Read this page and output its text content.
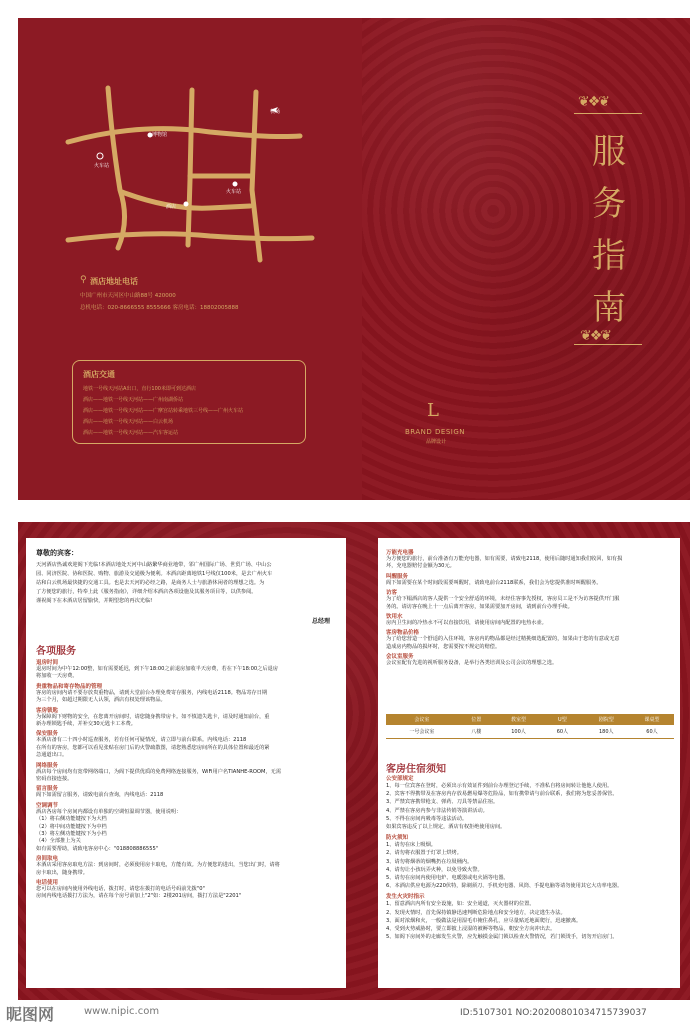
博物馆
机场
火车站
酒店
火车站
⚲ 酒店地址电话
中国广州市天河区中山路88号 420000
总机电话：020-8666555 8555666 客房电话：18802005888
酒店交通
地铁一号线天河站A出口，直行100米即可到达酒店
酒店——地铁一号线天河站——广州南湖侨站
酒店——地铁一号线天河站——广摩宫站转乘地铁三号线——广州火车站
酒店——地铁一号线天河站——白云机场
酒店——地铁一号线天河站——汽车客运站
❦❖❦
服
务
指
南
❦❖❦
L
BRAND DESIGN
品牌设计
尊敬的宾客：
天河酒店热诚欢迎阁下光临!本酒店地处天河中山路繁华商业地带，邻广州国际广场、世贸广场、中山公
园、同济医院、协和医院、购物、旅游及交通极为便利。本酒店距离地铁1号线仅100米，是去广州火车
站和白云机场最快捷的交通工具。也是去天河的必经之路，是商务人士与旅游休闲者的理想之选。为
了方便您的旅行，特奉上此《服务指南》，详细介绍本酒店各项设施及其服务项目等，以供参阅。
谨祝阁下在本酒店居留愉快，并期望您的再次光临!
总经理
各项服务
退房时间
退房时间为中午12:00整，如有需要延迟，到下午18:00之前退房加收半天房费，若在下午18:00之后退房
将加收一天房费。
贵重物品和寄存物品的管理
客房的房间内请不要存放贵重物品，请到大堂前台办理免费寄存服务，内线电话2118。物品寄存日期
为三个月，如超过期限无人认领，酒店有权处理该物品。
客房锁匙
为保障阁下财物的安全，在您离开房间时，请您随身携带房卡。如不慎遗失匙卡，请及时通知前台，重
新办理锁匙手续，并补交30元匙卡工本费。
保安服务
本酒店备有二十四小时巡查服务，若有任何可疑情况，请立即与前台联系。内线电话：2118
在所有的客房，您都可以看见张贴在房门后的火警疏散图，请您熟悉您房间所在的具体位置和最近的紧
急通道出口。
网络服务
酒店每个房间均有宽带网络端口，为阁下提供优质的免费网络连接服务，WiFi用户名TIANHE-ROOM，无需
密码直接连接。
留言服务
阁下如需留言服务，请致电前台查询，内线电话：2118
空调调节
酒店各房每个房间内都设有单独的空调恒温调节器，使用说明：
（1）将右侧功能键按下为大档
（2）将中间功能键按下为中档
（3）将左侧功能键按下为小档
（4）全部推上为关
如有需要帮助，请致电客房中心："018808886555"
房间取电
本酒店采用客房取电方法：到房间时，必须使用房卡取电，方能有效。为方便您的进出，当您出门时，请将
房卡取出，随身携带。
电话使用
您可以在房间内使用外线电话，拨打时，请您在拨打的电话号码前先拨"0"
房间内线电话拨打方法为，请在每个房号前加上"2"如：2楼201房间，拨打方法是"2201"
万能充电器
为方便您的旅行，前台准备有万能充电器，如有需要，请致电2118，使用后随时通知我们收回，如有损
坏，充电器赔付金额为30元。
叫醒服务
阁下如需要在某个时间段需要叫醒时，请致电前台2118联系，我们会为您提供准时叫醒服务。
访客
为了给下榻酒店的客人提供一个安全舒适的环境，未经住客事先授权，客房员工是不为访客提供开门服
务的。请访客在晚上十一点后离开客房，如果需要加开房间，请到前台办理手续。
饮用水
房内卫生间的冷热水不可以直接饮用，请使用房间内配置的电热水壶。
客房物品价格
为了给您营造一个舒适的入住环境，客房内的物品都是经过精挑细选配置的，如果由于您的有意或无意
造成房内物品的损坏时，您需要按不规定的赔偿。
会议室服务
会议室配有先进的视听服务设备，是举行各类培训及公司会议的理想之选。
会议室	位置	教室型	U型	剧院型	课桌型
一号会议室	八楼	100人	60人	180人	60人
客房住宿须知
公安部规定
1、每一位宾客在登时，必须出示有效证件到前台办理登记手续，不准私自将房间转让他他人使用。
2、宾客不得携带及在客房内存放易燃易爆等危险品，如有携带请与前台联系，我们将为您妥善保管。
3、严禁宾客携带枪支、弹药、刀具等禁品住宿。
4、严禁在客房内参与非法传销等演讲活动。
5、不得在房间内吸毒等违法活动。
如果宾客违反了以上规定，酒店有权拒绝使用房间。
防火须知
1、请勿在床上吸烟。
2、请勿将衣服置于灯罩上烘烤。
3、请勿将烟蒂的烟嘴扔在垃圾桶内。
4、请勿让小孩玩弄火种，以免导致火警。
5、请勿在房间内使用电炉、电暖器或电火锅等电器。
6、本酒店供应电源为220伏特，除剃须刀、手机充电器、风筒、手提电脑等请勿使用其它大功率电器。
发生火灾时指示
1、留意酒店内所有安全设施，如：安全通道，灭火器材的位置。
2、发现火情时，首先保持镇静迅速判断危险地点和安全地方，决定逃生办法。
3、面对浓烟和火，一般做法是用湿毛巾掩住鼻孔，应尽量贴近地面爬行，迅速撤离。
4、受到火势威胁时，要立即披上浸湿的被褥等物品，朝安全方向冲出去。
5、如阁下房间外的走廊发生火警，应先触摸金属门锁以检查火警情况，若门锁烫手，切勿开启房门。
昵图网	www.nipic.com	ID:5107301 NO:20200801034715739037
